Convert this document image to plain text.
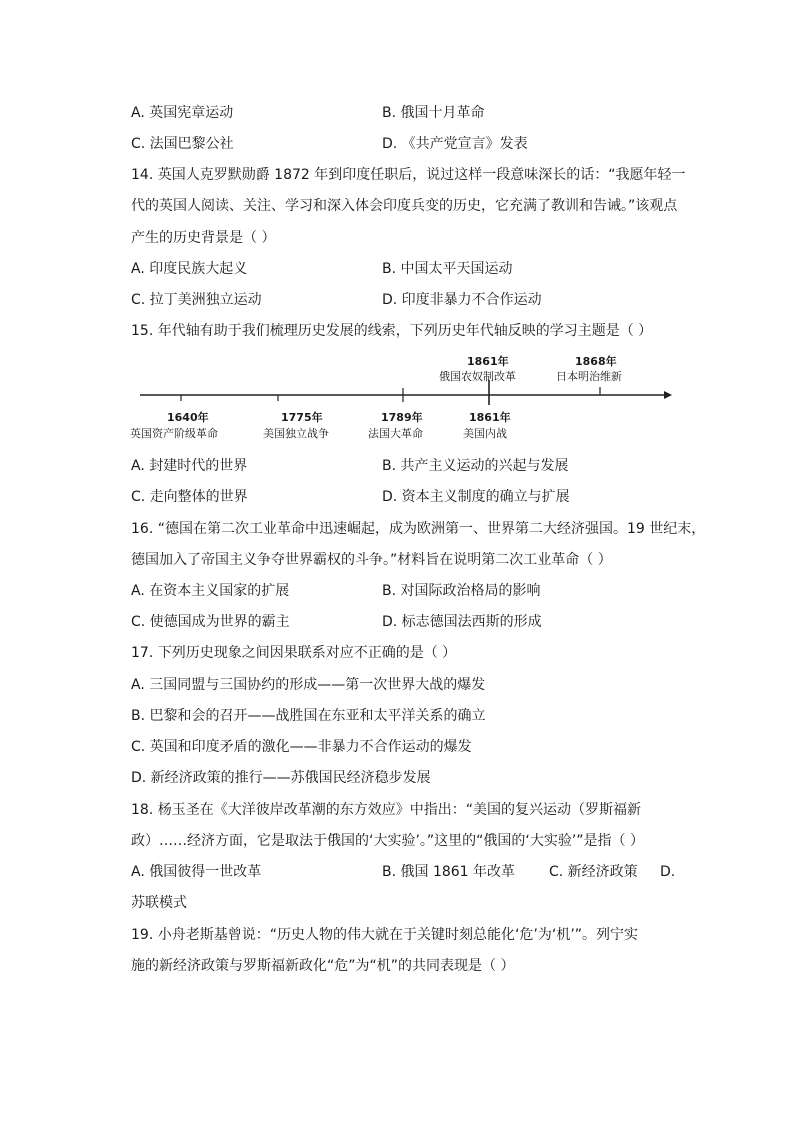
A. 英国宪章运动	B. 俄国十月革命
C. 法国巴黎公社	D. 《共产党宣言》发表
14. 英国人克罗默勋爵 1872 年到印度任职后，说过这样一段意味深长的话：“我愿年轻一
代的英国人阅读、关注、学习和深入体会印度兵变的历史，它充满了教训和告诫。”该观点
产生的历史背景是（ ）
A. 印度民族大起义	B. 中国太平天国运动
C. 拉丁美洲独立运动	D. 印度非暴力不合作运动
15. 年代轴有助于我们梳理历史发展的线索，下列历史年代轴反映的学习主题是（ ）
1861年
俄国农奴制改革
1868年
日本明治维新
1640年
英国资产阶级革命
1775年
美国独立战争
1789年
法国大革命
1861年
美国内战
A. 封建时代的世界	B. 共产主义运动的兴起与发展
C. 走向整体的世界	D. 资本主义制度的确立与扩展
16. “德国在第二次工业革命中迅速崛起，成为欧洲第一、世界第二大经济强国。19 世纪末，
德国加入了帝国主义争夺世界霸权的斗争。”材料旨在说明第二次工业革命（ ）
A. 在资本主义国家的扩展	B. 对国际政治格局的影响
C. 使德国成为世界的霸主	D. 标志德国法西斯的形成
17. 下列历史现象之间因果联系对应不正确的是（ ）
A. 三国同盟与三国协约的形成——第一次世界大战的爆发
B. 巴黎和会的召开——战胜国在东亚和太平洋关系的确立
C. 英国和印度矛盾的激化——非暴力不合作运动的爆发
D. 新经济政策的推行——苏俄国民经济稳步发展
18. 杨玉圣在《大洋彼岸改革潮的东方效应》中指出：“美国的复兴运动（罗斯福新
政）……经济方面，它是取法于俄国的‘大实验’。”这里的“俄国的‘大实验’”是指（ ）
A. 俄国彼得一世改革	B. 俄国 1861 年改革 C. 新经济政策 D.
苏联模式
19. 小舟老斯基曾说：“历史人物的伟大就在于关键时刻总能化‘危’为‘机’”。列宁实
施的新经济政策与罗斯福新政化“危”为“机”的共同表现是（ ）
